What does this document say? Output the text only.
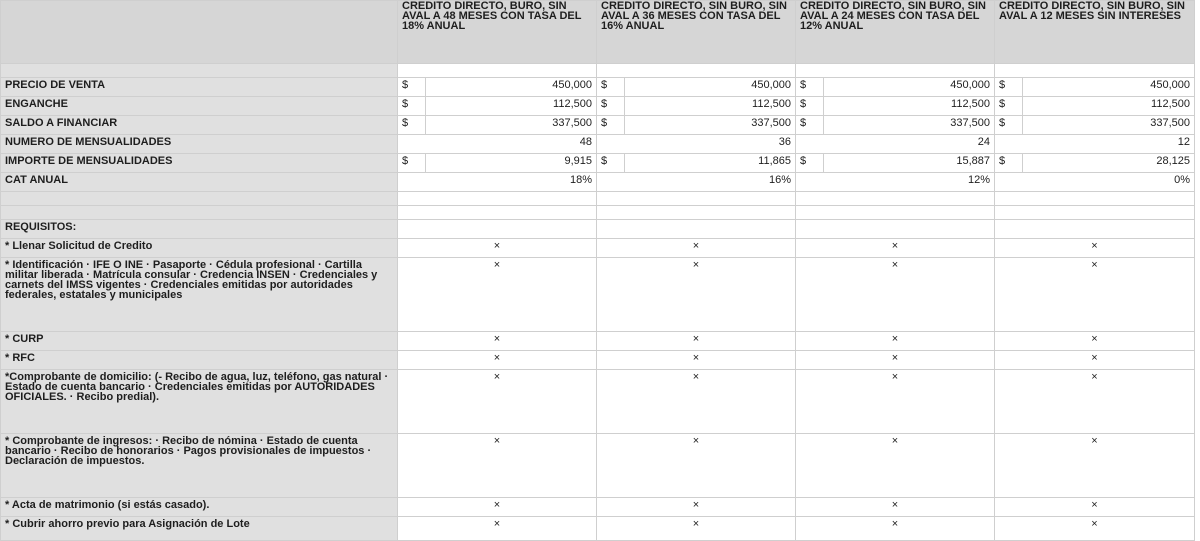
	CREDITO DIRECTO, BURO, SIN AVAL A 48 MESES CON TASA DEL 18% ANUAL		CREDITO DIRECTO, SIN BURO, SIN AVAL A 36 MESES CON TASA DEL 16% ANUAL		CREDITO DIRECTO, SIN BURO, SIN AVAL A 24 MESES CON TASA DEL 12% ANUAL		CREDITO DIRECTO, SIN BURO, SIN AVAL A 12 MESES SIN INTERESES	

PRECIO DE VENTA	$	450,000	$	450,000	$	450,000	$	450,000
ENGANCHE	$	112,500	$	112,500	$	112,500	$	112,500
SALDO A FINANCIAR	$	337,500	$	337,500	$	337,500	$	337,500
NUMERO DE MENSUALIDADES	48		36		24		12	
IMPORTE DE MENSUALIDADES	$	9,915	$	11,865	$	15,887	$	28,125
CAT ANUAL	18%		16%		12%		0%	

REQUISITOS:								
* Llenar Solicitud de Credito	×		×		×		×	
* Identificación · IFE O INE · Pasaporte · Cédula profesional · Cartilla militar liberada · Matrícula consular · Credencia INSEN · Credenciales y carnets del IMSS vigentes · Credenciales emitidas por autoridades federales, estatales y municipales	×		×		×		×	
* CURP	×		×		×		×	
* RFC	×		×		×		×	
*Comprobante de domicilio: (- Recibo de agua, luz, teléfono, gas natural · Estado de cuenta bancario · Credenciales emitidas por AUTORIDADES OFICIALES. · Recibo predial).	×		×		×		×	
* Comprobante de ingresos: · Recibo de nómina · Estado de cuenta bancario · Recibo de honorarios · Pagos provisionales de impuestos · Declaración de impuestos.	×		×		×		×	
* Acta de matrimonio (si estás casado).	×		×		×		×	
* Cubrir ahorro previo para Asignación de Lote	×		×		×		×	
